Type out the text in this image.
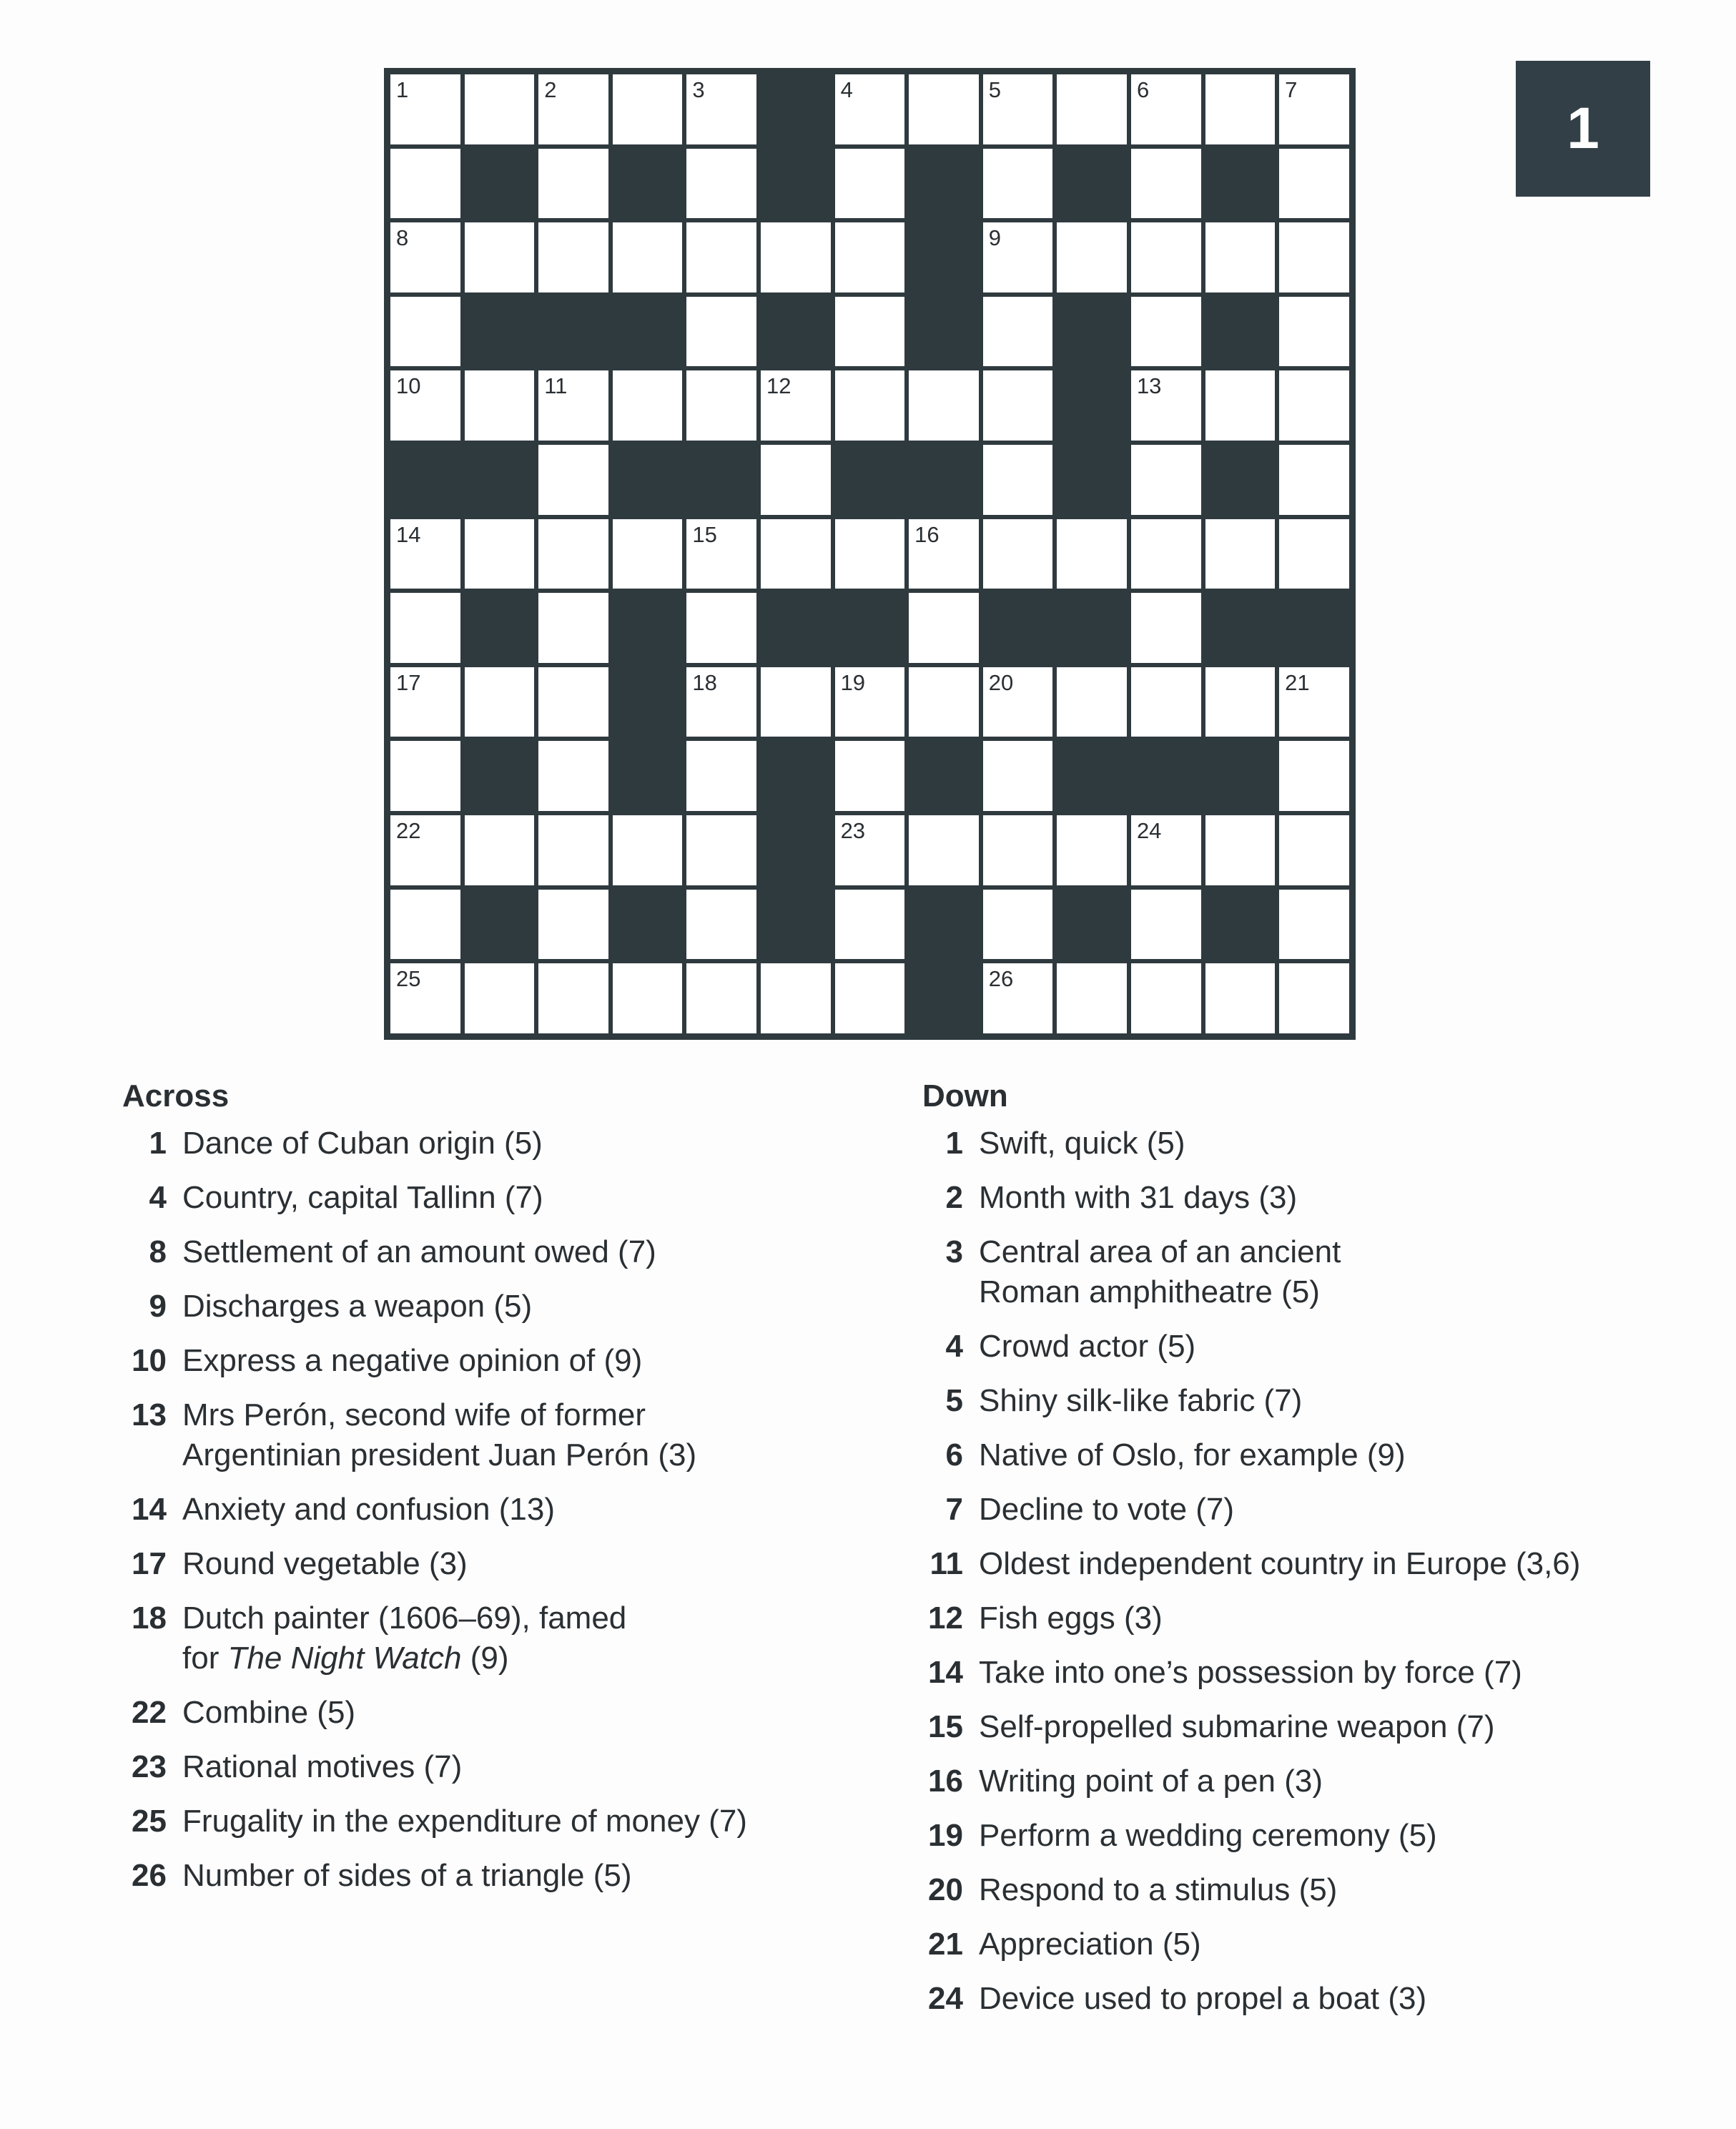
1	2	3	4	5	6	7
8	9
10	11	12	13
14	15	16
17	18	19	20	21
22	23	24
25	26
1
Across
1 Dance of Cuban origin (5)
4 Country, capital Tallinn (7)
8 Settlement of an amount owed (7)
9 Discharges a weapon (5)
10 Express a negative opinion of (9)
13 Mrs Perón, second wife of former
Argentinian president Juan Perón (3)
14 Anxiety and confusion (13)
17 Round vegetable (3)
18 Dutch painter (1606–69), famed
for The Night Watch (9)
22 Combine (5)
23 Rational motives (7)
25 Frugality in the expenditure of money (7)
26 Number of sides of a triangle (5)
Down
1 Swift, quick (5)
2 Month with 31 days (3)
3 Central area of an ancient
Roman amphitheatre (5)
4 Crowd actor (5)
5 Shiny silk-like fabric (7)
6 Native of Oslo, for example (9)
7 Decline to vote (7)
11 Oldest independent country in Europe (3,6)
12 Fish eggs (3)
14 Take into one’s possession by force (7)
15 Self-propelled submarine weapon (7)
16 Writing point of a pen (3)
19 Perform a wedding ceremony (5)
20 Respond to a stimulus (5)
21 Appreciation (5)
24 Device used to propel a boat (3)
